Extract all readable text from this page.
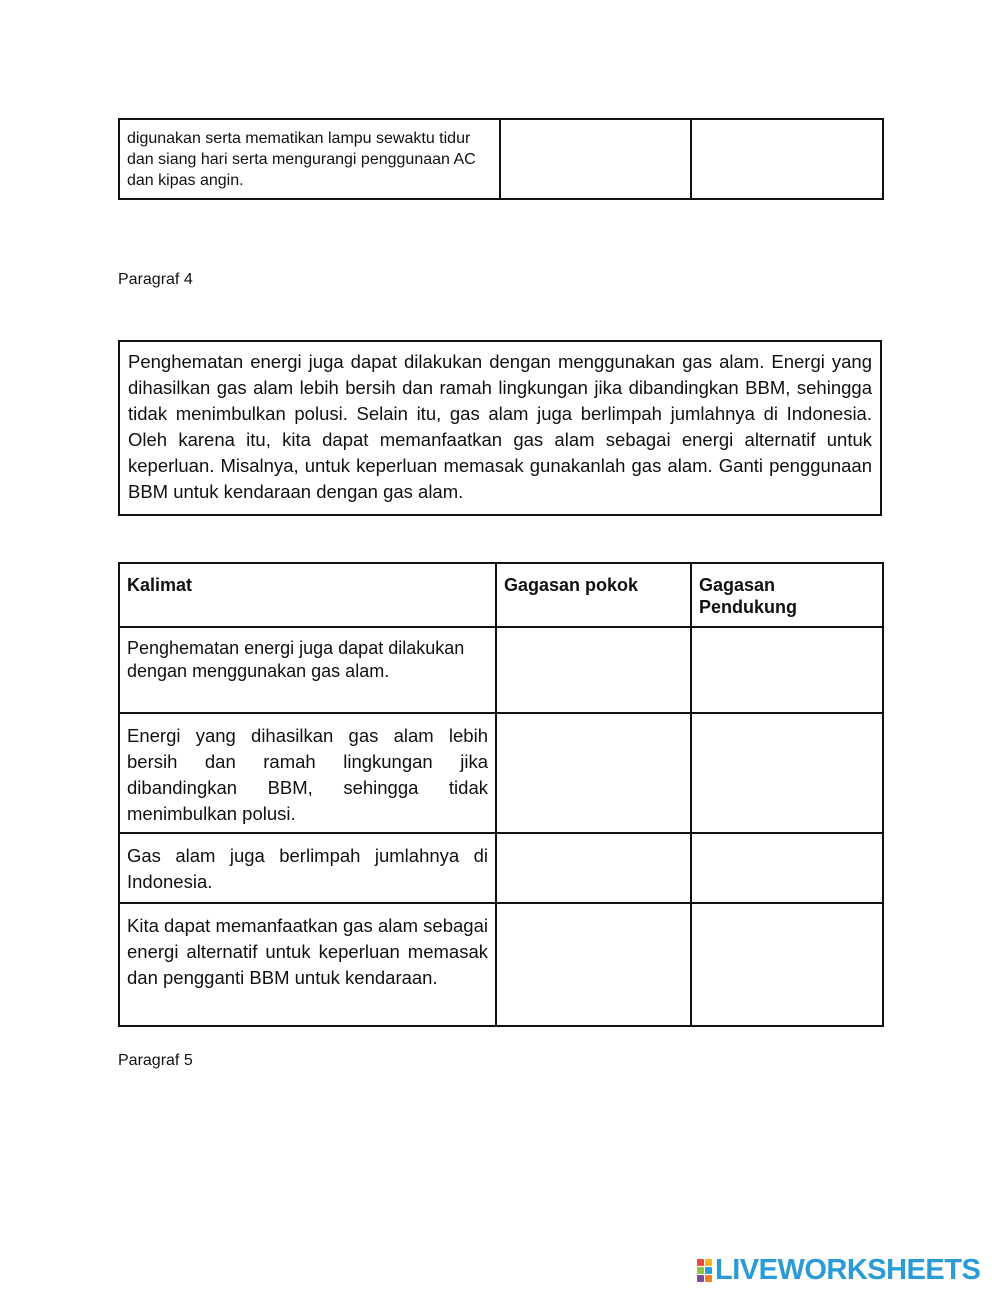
digunakan serta mematikan lampu sewaktu tidur dan siang hari serta mengurangi penggunaan AC dan kipas angin.

Paragraf 4
Penghematan energi juga dapat dilakukan dengan menggunakan gas alam. Energi yang dihasilkan gas alam lebih bersih dan ramah lingkungan jika dibandingkan BBM, sehingga tidak menimbulkan polusi. Selain itu, gas alam juga berlimpah jumlahnya di Indonesia. Oleh karena itu, kita dapat memanfaatkan gas alam sebagai energi alternatif untuk keperluan. Misalnya, untuk keperluan memasak gunakanlah gas alam. Ganti penggunaan BBM untuk kendaraan dengan gas alam.
Kalimat	Gagasan pokok	Gagasan Pendukung

Penghematan energi juga dapat dilakukan dengan menggunakan gas alam.		

Energi yang dihasilkan gas alam lebih bersih dan ramah lingkungan jika dibandingkan BBM, sehingga tidak menimbulkan polusi.		

Gas alam juga berlimpah jumlahnya di Indonesia.		

Kita dapat memanfaatkan gas alam sebagai energi alternatif untuk keperluan memasak dan pengganti BBM untuk kendaraan.		

Paragraf 5
LIVEWORKSHEETS
